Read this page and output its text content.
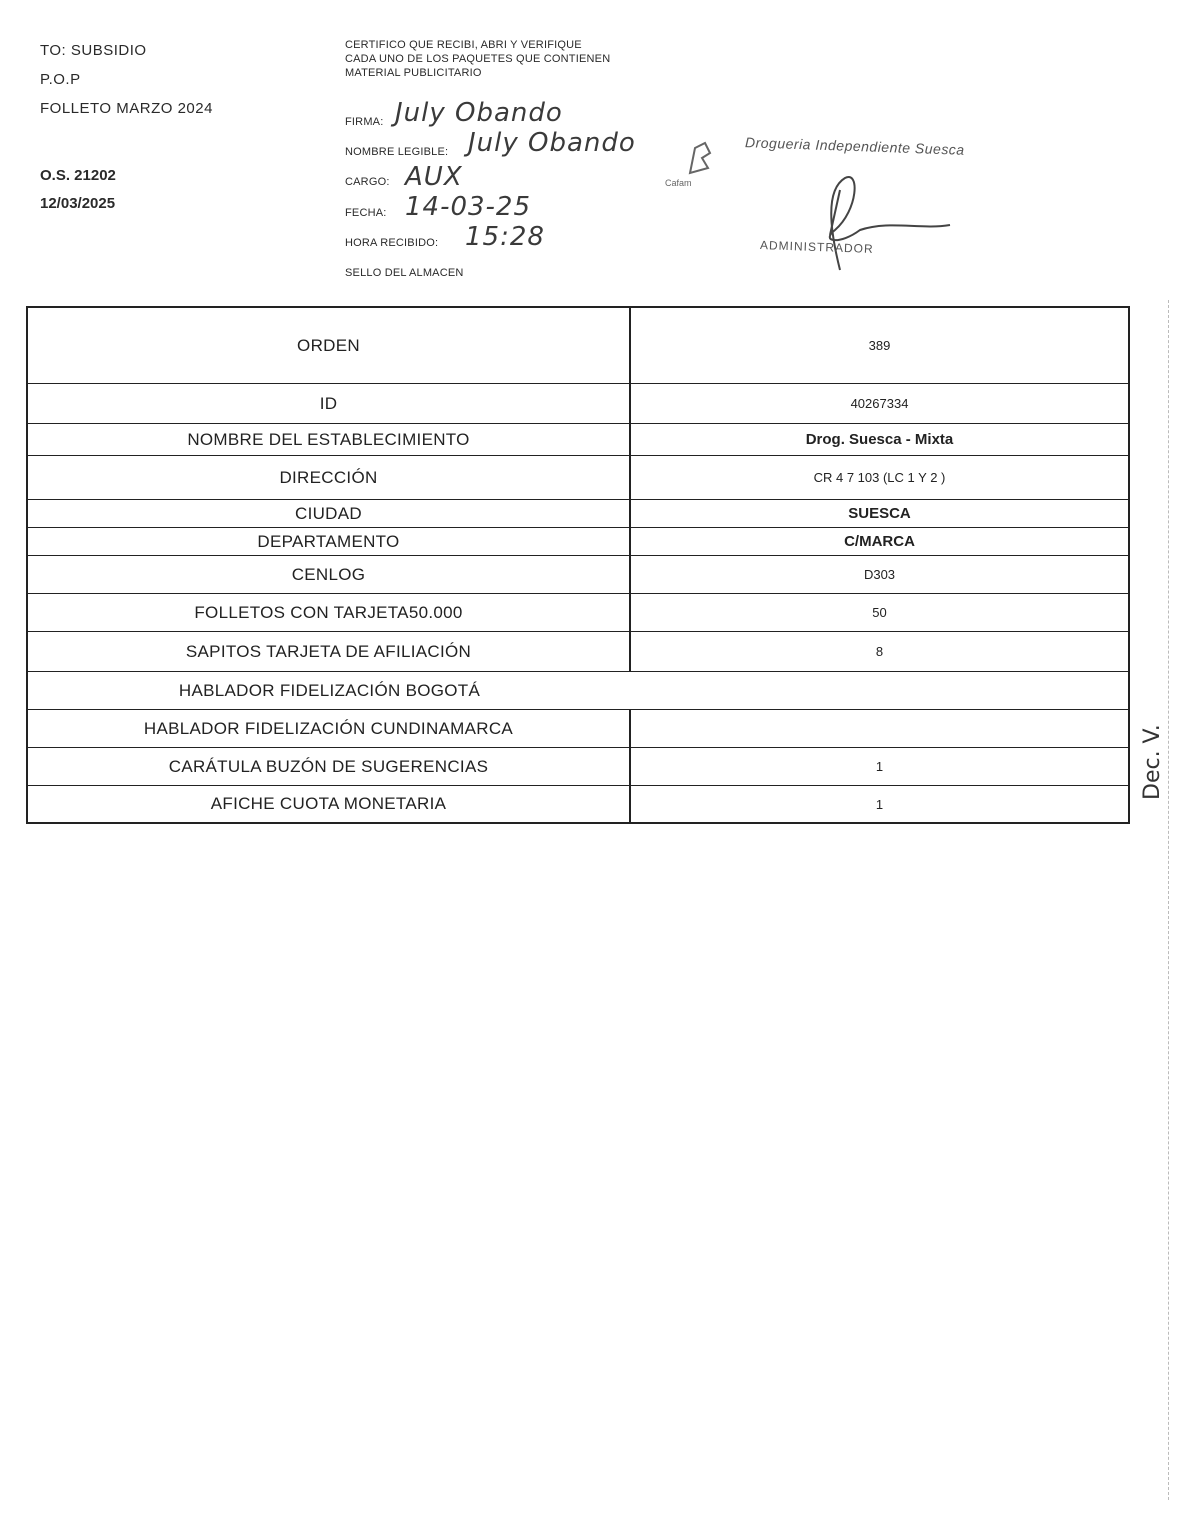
TO: SUBSIDIO
P.O.P
FOLLETO MARZO 2024
O.S. 21202
12/03/2025
CERTIFICO QUE RECIBI, ABRI Y VERIFIQUE CADA UNO DE LOS PAQUETES QUE CONTIENEN MATERIAL PUBLICITARIO
FIRMA: July Obando
NOMBRE LEGIBLE: July Obando
CARGO: AUX
FECHA: 14-03-25
HORA RECIBIDO: 15:28
SELLO DEL ALMACEN
Drogueria Independiente Suesca
Cafam
ADMINISTRADOR
ORDEN	389
ID	40267334
NOMBRE DEL ESTABLECIMIENTO	Drog. Suesca - Mixta
DIRECCIÓN	CR 4 7 103 (LC 1 Y 2 )
CIUDAD	SUESCA
DEPARTAMENTO	C/MARCA
CENLOG	D303
FOLLETOS CON TARJETA50.000	50
SAPITOS TARJETA DE AFILIACIÓN	8
HABLADOR FIDELIZACIÓN BOGOTÁ
HABLADOR FIDELIZACIÓN CUNDINAMARCA
CARÁTULA BUZÓN DE SUGERENCIAS	1
AFICHE CUOTA MONETARIA	1
Dec. V.
